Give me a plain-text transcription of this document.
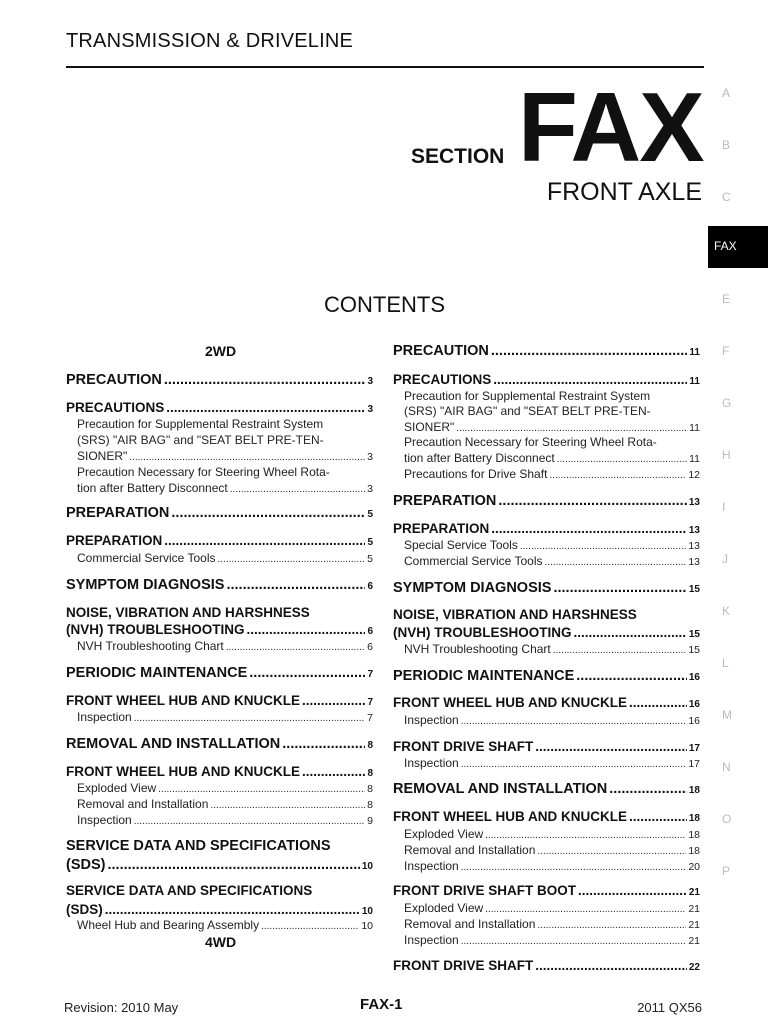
TRANSMISSION & DRIVELINE
SECTION FAX
FRONT AXLE
A
B
C
FAX
E
F
G
H
I
J
K
L
M
N
O
P
CONTENTS
2WD
PRECAUTION .....	3
PRECAUTIONS .....	3
Precaution for Supplemental Restraint System
(SRS) "AIR BAG" and "SEAT BELT PRE-TEN-
SIONER" .....	3
Precaution Necessary for Steering Wheel Rota-
tion after Battery Disconnect .....	3
PREPARATION .....	5
PREPARATION .....	5
Commercial Service Tools .....	5
SYMPTOM DIAGNOSIS .....	6
NOISE, VIBRATION AND HARSHNESS
(NVH) TROUBLESHOOTING .....	6
NVH Troubleshooting Chart .....	6
PERIODIC MAINTENANCE .....	7
FRONT WHEEL HUB AND KNUCKLE .....	7
Inspection .....	7
REMOVAL AND INSTALLATION .....	8
FRONT WHEEL HUB AND KNUCKLE .....	8
Exploded View .....	8
Removal and Installation .....	8
Inspection .....	9
SERVICE DATA AND SPECIFICATIONS
(SDS) .....	10
SERVICE DATA AND SPECIFICATIONS
(SDS) .....	10
Wheel Hub and Bearing Assembly .....	10
4WD
PRECAUTION .....	11
PRECAUTIONS .....	11
Precaution for Supplemental Restraint System
(SRS) "AIR BAG" and "SEAT BELT PRE-TEN-
SIONER" .....	11
Precaution Necessary for Steering Wheel Rota-
tion after Battery Disconnect .....	11
Precautions for Drive Shaft .....	12
PREPARATION .....	13
PREPARATION .....	13
Special Service Tools .....	13
Commercial Service Tools .....	13
SYMPTOM DIAGNOSIS .....	15
NOISE, VIBRATION AND HARSHNESS
(NVH) TROUBLESHOOTING .....	15
NVH Troubleshooting Chart .....	15
PERIODIC MAINTENANCE .....	16
FRONT WHEEL HUB AND KNUCKLE .....	16
Inspection .....	16
FRONT DRIVE SHAFT .....	17
Inspection .....	17
REMOVAL AND INSTALLATION .....	18
FRONT WHEEL HUB AND KNUCKLE .....	18
Exploded View .....	18
Removal and Installation .....	18
Inspection .....	20
FRONT DRIVE SHAFT BOOT .....	21
Exploded View .....	21
Removal and Installation .....	21
Inspection .....	21
FRONT DRIVE SHAFT .....	22
Revision: 2010 May	FAX-1	2011 QX56
